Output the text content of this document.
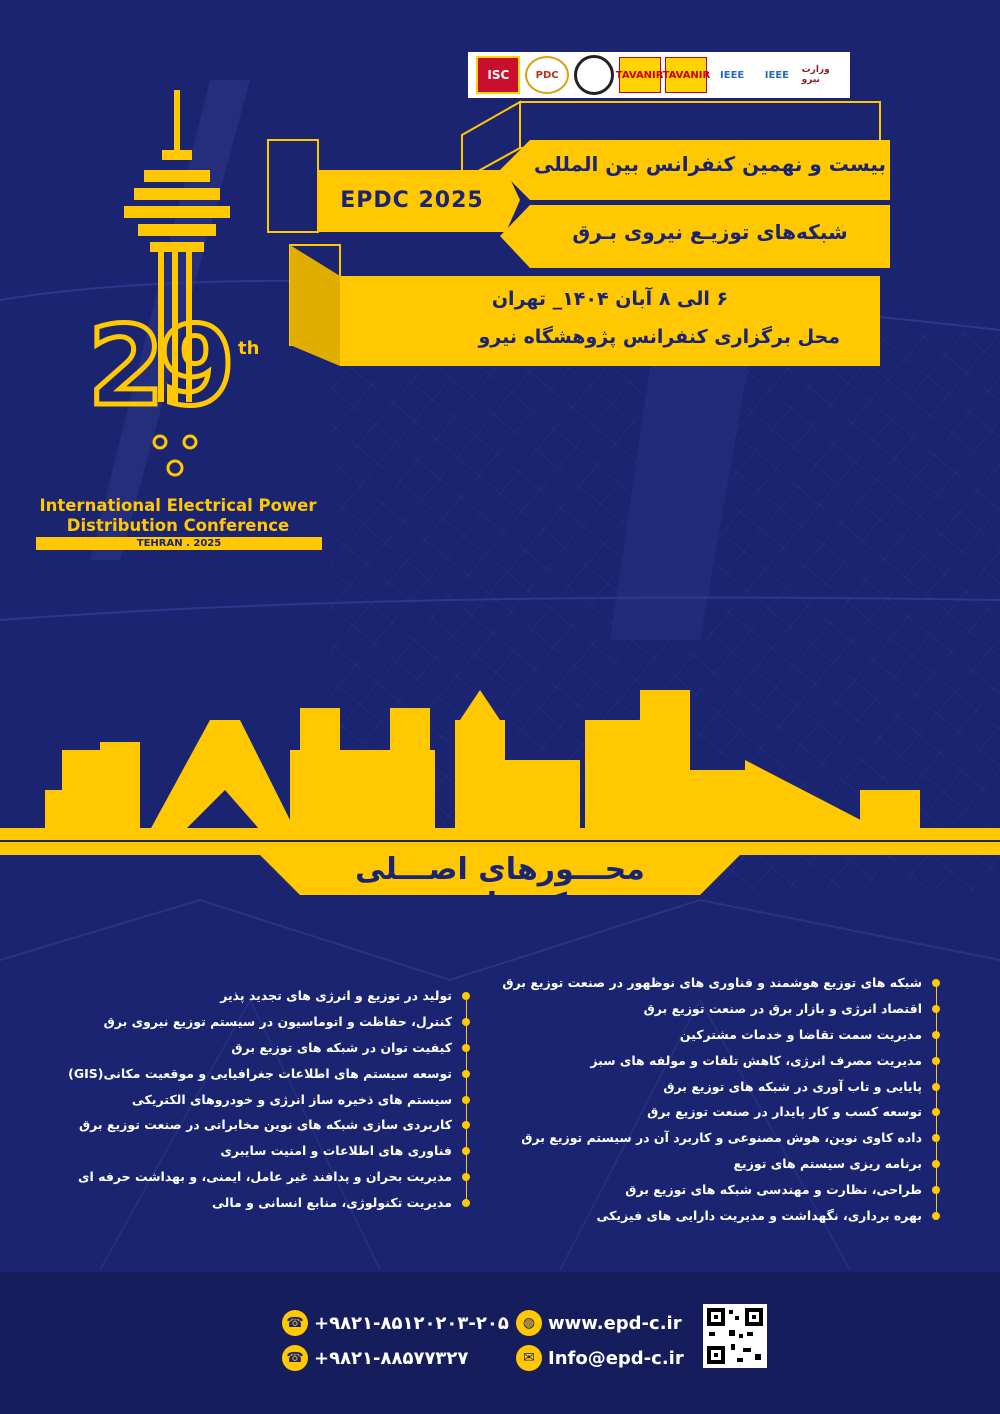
ISC	PDC	TAVANIR TAVANIR IEEE	IEEE	وزارت نیرو
بیست و نهمین کنفرانس بین المللی
EPDC 2025
شبکه‌های توزیـع نیروی بـرق
۶ الی ۸ آبان ۱۴۰۴_ تهران
محل برگزاری کنفرانس پژوهشگاه نیرو
29 th
International Electrical Power
Distribution Conference
TEHRAN . 2025
محـــورهای اصـــلی کنفرانس
شبکه های توزیع هوشمند و فناوری های نوظهور در صنعت توزیع برق
اقتصاد انرژی و بازار برق در صنعت توزیع برق
مدیریت سمت تقاضا و خدمات مشترکین
مدیریت مصرف انرژی، کاهش تلفات و مولفه های سبز
پایایی و تاب آوری در شبکه های توزیع برق
توسعه کسب و کار پایدار در صنعت توزیع برق
داده کاوی نوین، هوش مصنوعی و کاربرد آن در سیستم توزیع برق
برنامه ریزی سیستم های توزیع
طراحی، نظارت و مهندسی شبکه های توزیع برق
بهره برداری، نگهداشت و مدیریت دارایی های فیزیکی
تولید در توزیع و انرژی های تجدید پذیر
کنترل، حفاظت و اتوماسیون در سیستم توزیع نیروی برق
کیفیت توان در شبکه های توزیع برق
توسعه سیستم های اطلاعات جغرافیایی و موقعیت مکانی(GIS)
سیستم های ذخیره ساز انرژی و خودروهای الکتریکی
کاربردی سازی شبکه های نوین مخابراتی در صنعت توزیع برق
فناوری های اطلاعات و امنیت سایبری
مدیریت بحران و پدافند غیر عامل، ایمنی، و بهداشت حرفه ای
مدیریت تکنولوژی، منابع انسانی و مالی
☎ +۹۸۲۱-۸۵۱۲۰۲۰۳-۲۰۵
☎ +۹۸۲۱-۸۸۵۷۷۳۲۷
◍ www.epd-c.ir
✉ Info@epd-c.ir
